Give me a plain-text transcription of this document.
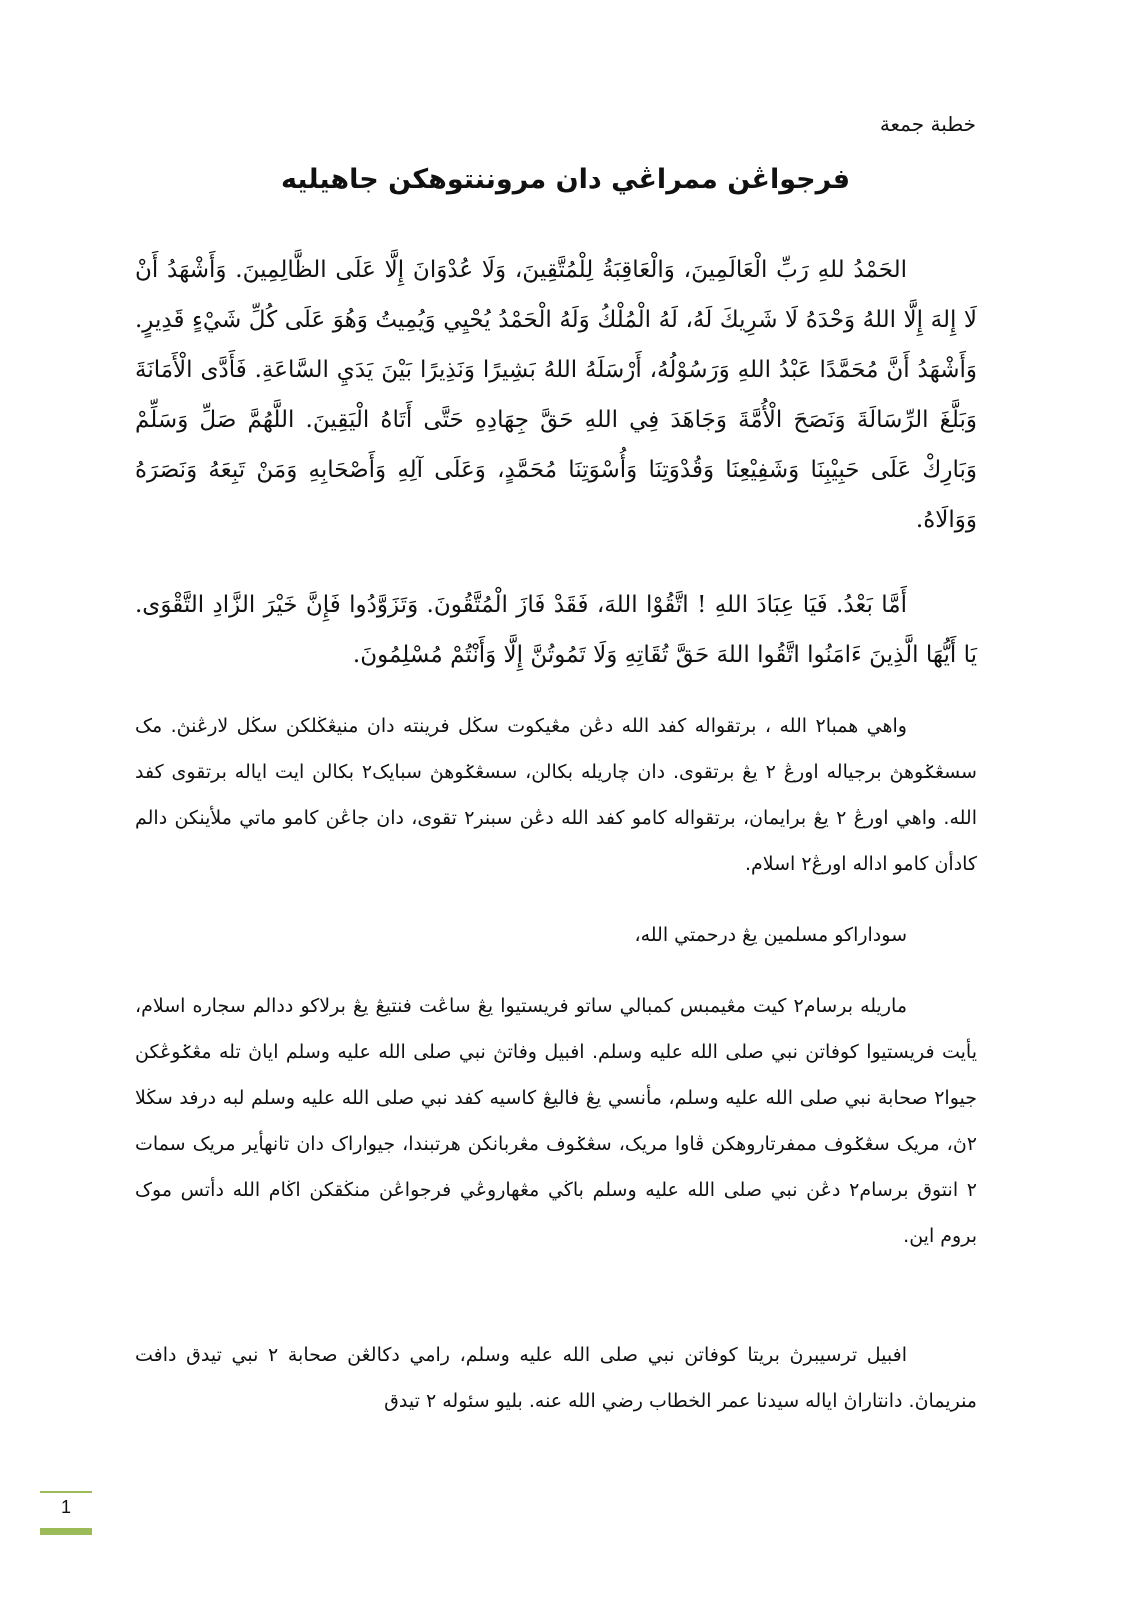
خطبة جمعة
فرجواڠن ممراڠي دان مروننتوهكن جاهيليه

الحَمْدُ للهِ رَبِّ الْعَالَمِينَ، وَالْعَاقِبَةُ لِلْمُتَّقِينَ، وَلَا عُدْوَانَ إِلَّا عَلَى الظَّالِمِينَ. وَأَشْهَدُ أَنْ لَا إِلهَ إِلَّا اللهُ وَحْدَهُ لَا شَرِيكَ لَهُ، لَهُ الْمُلْكُ وَلَهُ الْحَمْدُ يُحْيِي وَيُمِيتُ وَهُوَ عَلَى كُلِّ شَيْءٍ قَدِيرٍ. وَأَشْهَدُ أَنَّ مُحَمَّدًا عَبْدُ اللهِ وَرَسُوْلُهُ، أَرْسَلَهُ اللهُ بَشِيرًا وَنَذِيرًا بَيْنَ يَدَيِ السَّاعَةِ. فَأَدَّى الْأَمَانَةَ وَبَلَّغَ الرِّسَالَةَ وَنَصَحَ الْأُمَّةَ وَجَاهَدَ فِي اللهِ حَقَّ جِهَادِهِ حَتَّى أَتَاهُ الْيَقِينَ. اللَّهُمَّ صَلِّ وَسَلِّمْ وَبَارِكْ عَلَى حَبِيْبِنَا وَشَفِيْعِنَا وَقُدْوَتِنَا وَأُسْوَتِنَا مُحَمَّدٍ، وَعَلَى آلِهِ وَأَصْحَابِهِ وَمَنْ تَبِعَهُ وَنَصَرَهُ وَوَالَاهُ.

أَمَّا بَعْدُ. فَيَا عِبَادَ اللهِ ! اتَّقُوْا اللهَ، فَقَدْ فَازَ الْمُتَّقُونَ. وَتَزَوَّدُوا فَإِنَّ خَيْرَ الزَّادِ التَّقْوَى. يَا أَيُّهَا الَّذِينَ ءَامَنُوا اتَّقُوا اللهَ حَقَّ تُقَاتِهِ وَلَا تَمُوتُنَّ إِلَّا وَأَنْتُمْ مُسْلِمُونَ.

واهي همبا٢ الله ، برتقواله كفد الله دڠن مڠيكوت سڬل فرينته دان منيڠڬلكن سڬل لارڠنڽ. مک سسڠݢوهڽ برجياله اورڠ ٢ يڠ برتقوى. دان چاريله بكالن، سسڠݢوهڽ سبايک٢ بكالن ايت اياله برتقوى كفد الله. واهي اورڠ ٢ يڠ برايمان، برتقواله كامو كفد الله دڠن سبنر٢ تقوى، دان جاڠن كامو ماتي ملأينكن دالم كادأن كامو اداله اورڠ٢ اسلام.

سوداراکو مسلمين يڠ درحمتي الله،

ماريله برسام٢ كيت مڠيمبس كمبالي ساتو فريستيوا يڠ ساڠت فنتيڠ يڠ برلاكو ددالم سجاره اسلام، يأيت فريستيوا كوفاتن نبي صلى الله عليه وسلم. افبيل وفاتڽ نبي صلى الله عليه وسلم اياڽ تله مڠݢوڠكن جيوا٢ صحابة نبي صلى الله عليه وسلم، مأنسي يڠ فاليڠ كاسيه كفد نبي صلى الله عليه وسلم لبه درفد سڬلا ٢ڽ، مريک سڠݢوف ممفرتاروهكن ڤاوا مريک، سڠݢوف مڠربانكن هرتبندا، جيواراک دان تانهأير مريک سمات ٢ انتوق برسام٢ دڠن نبي صلى الله عليه وسلم باڬي مڠهاروڠي فرجواڠن منڬقكن اڬام الله دأتس موک بروم اين.

افبيل ترسيبرڽ بريتا كوفاتن نبي صلى الله عليه وسلم، رامي دكالڠن صحابة ٢ نبي تيدق دافت منريماڽ. دانتاراڽ اياله سيدنا عمر الخطاب رضي الله عنه. بليو سئوله ٢ تيدق

1
